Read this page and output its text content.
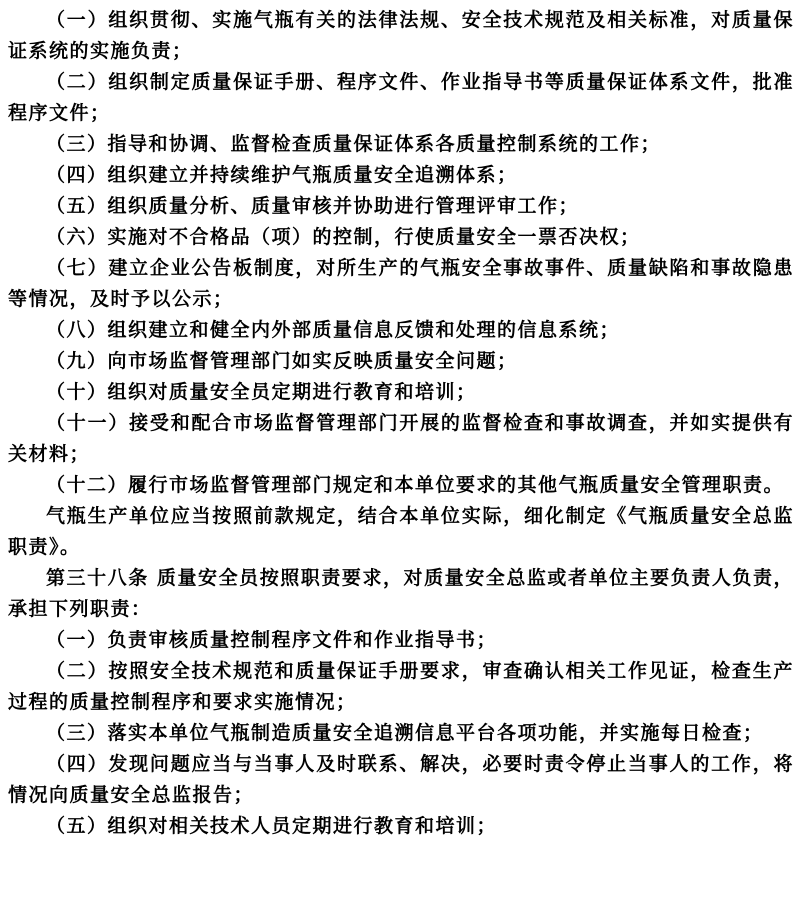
（一）组织贯彻、实施气瓶有关的法律法规、安全技术规范及相关标准，对质量保证系统的实施负责；

（二）组织制定质量保证手册、程序文件、作业指导书等质量保证体系文件，批准程序文件；

（三）指导和协调、监督检查质量保证体系各质量控制系统的工作；

（四）组织建立并持续维护气瓶质量安全追溯体系；

（五）组织质量分析、质量审核并协助进行管理评审工作；

（六）实施对不合格品（项）的控制，行使质量安全一票否决权；

（七）建立企业公告板制度，对所生产的气瓶安全事故事件、质量缺陷和事故隐患等情况，及时予以公示；

（八）组织建立和健全内外部质量信息反馈和处理的信息系统；

（九）向市场监督管理部门如实反映质量安全问题；

（十）组织对质量安全员定期进行教育和培训；

（十一）接受和配合市场监督管理部门开展的监督检查和事故调查，并如实提供有关材料；

（十二）履行市场监督管理部门规定和本单位要求的其他气瓶质量安全管理职责。

气瓶生产单位应当按照前款规定，结合本单位实际，细化制定《气瓶质量安全总监职责》。

第三十八条 质量安全员按照职责要求，对质量安全总监或者单位主要负责人负责，承担下列职责：

（一）负责审核质量控制程序文件和作业指导书；

（二）按照安全技术规范和质量保证手册要求，审查确认相关工作见证，检查生产过程的质量控制程序和要求实施情况；

（三）落实本单位气瓶制造质量安全追溯信息平台各项功能，并实施每日检查；

（四）发现问题应当与当事人及时联系、解决，必要时责令停止当事人的工作，将情况向质量安全总监报告；

（五）组织对相关技术人员定期进行教育和培训；
